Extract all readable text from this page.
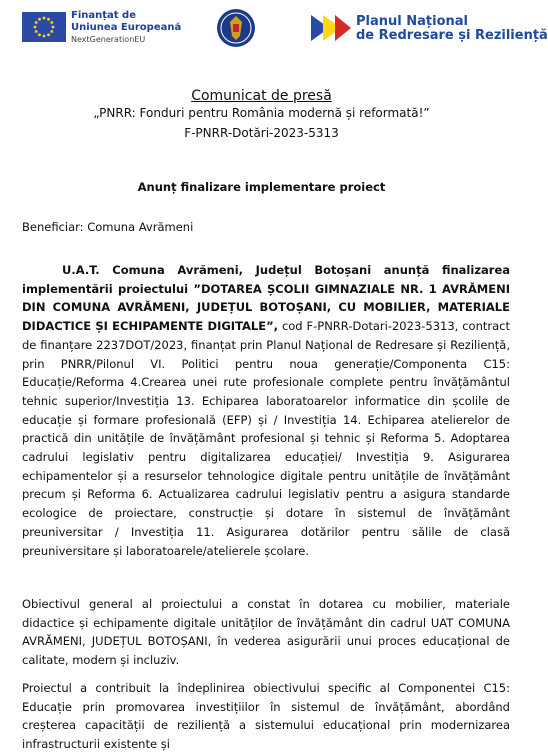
Finanțat de
Uniunea Europeană
NextGenerationEU
Planul Național
de Redresare și Reziliență
Comunicat de presă
„PNRR: Fonduri pentru România modernă și reformată!”
F-PNRR-Dotări-2023-5313
Anunț finalizare implementare proiect
Beneficiar: Comuna Avrămeni
U.A.T. Comuna Avrămeni, Județul Botoșani anunță finalizarea implementării proiectului ”DOTAREA ȘCOLII GIMNAZIALE NR. 1 AVRĂMENI DIN COMUNA AVRĂMENI, JUDEȚUL BOTOȘANI, CU MOBILIER, MATERIALE DIDACTICE ȘI ECHIPAMENTE DIGITALE”, cod F-PNRR-Dotari-2023-5313, contract de finanțare 2237DOT/2023, finanțat prin Planul Național de Redresare și Reziliență, prin PNRR/Pilonul VI. Politici pentru noua generație/Componenta C15: Educație/Reforma 4.Crearea unei rute profesionale complete pentru învățământul tehnic superior/Investiția 13. Echiparea laboratoarelor informatice din școlile de educație și formare profesională (EFP) și / Investiția 14. Echiparea atelierelor de practică din unitățile de învățământ profesional și tehnic și Reforma 5. Adoptarea cadrului legislativ pentru digitalizarea educației/ Investiția 9. Asigurarea echipamentelor și a resurselor tehnologice digitale pentru unitățile de învățământ precum și Reforma 6. Actualizarea cadrului legislativ pentru a asigura standarde ecologice de proiectare, construcție și dotare în sistemul de învățământ preuniversitar / Investiția 11. Asigurarea dotărilor pentru sălile de clasă preuniversitare și laboratoarele/atelierele școlare.
Obiectivul general al proiectului a constat în dotarea cu mobilier, materiale didactice și echipamente digitale unităților de învățământ din cadrul UAT COMUNA AVRĂMENI, JUDEȚUL BOTOȘANI, în vederea asigurării unui proces educațional de calitate, modern și incluziv.
Proiectul a contribuit la îndeplinirea obiectivului specific al Componentei C15: Educație prin promovarea investițiilor în sistemul de învățământ, abordând creșterea capacității de reziliență a sistemului educațional prin modernizarea infrastructurii existente și
